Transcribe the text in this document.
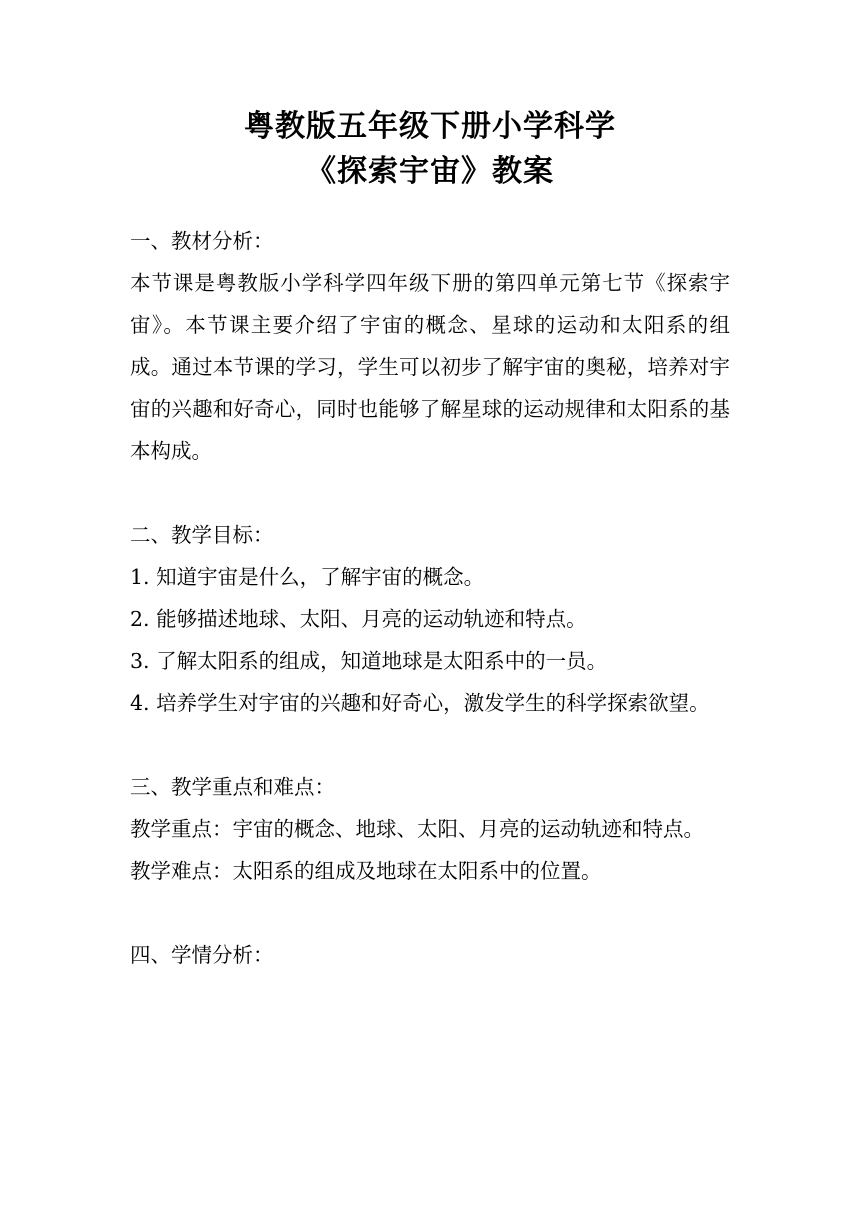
粤教版五年级下册小学科学
《探索宇宙》教案

一、教材分析：

本节课是粤教版小学科学四年级下册的第四单元第七节《探索宇宙》。本节课主要介绍了宇宙的概念、星球的运动和太阳系的组成。通过本节课的学习，学生可以初步了解宇宙的奥秘，培养对宇宙的兴趣和好奇心，同时也能够了解星球的运动规律和太阳系的基本构成。

二、教学目标：

1. 知道宇宙是什么，了解宇宙的概念。

2. 能够描述地球、太阳、月亮的运动轨迹和特点。

3. 了解太阳系的组成，知道地球是太阳系中的一员。

4. 培养学生对宇宙的兴趣和好奇心，激发学生的科学探索欲望。

三、教学重点和难点：

教学重点：宇宙的概念、地球、太阳、月亮的运动轨迹和特点。

教学难点：太阳系的组成及地球在太阳系中的位置。

四、学情分析：
